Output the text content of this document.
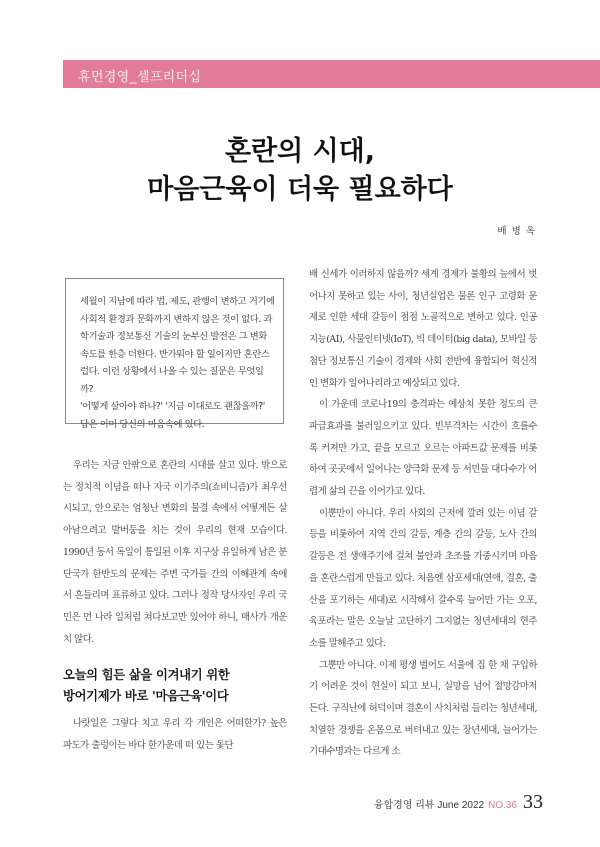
휴먼경영_셀프리더십
혼란의 시대,
마음근육이 더욱 필요하다
배 병 옥

세월이 지남에 따라 법, 제도, 관행이 변하고 거기에

사회적 환경과 문화까지 변하지 않은 것이 없다. 과

학기술과 정보통신 기술의 눈부신 발전은 그 변화

속도를 한층 더한다. 반가워야 할 일이지만 혼란스

럽다. 이런 상황에서 나올 수 있는 질문은 무엇일까?

'어떻게 살아야 하나?' '지금 이대로도 괜찮을까?'

답은 이미 당신의 마음속에 있다.

우리는 지금 안팎으로 혼란의 시대를 살고 있다. 밖으로는 정치적 이념을 떠나 자국 이기주의(쇼비니즘)가 최우선시되고, 안으로는 엄청난 변화의 물결 속에서 어떻게든 살아남으려고 발버둥을 치는 것이 우리의 현재 모습이다. 1990년 동서 독일이 통일된 이후 지구상 유일하게 남은 분단국가 한반도의 문제는 주변 국가들 간의 이해관계 속에서 흔들리며 표류하고 있다. 그러나 정작 당사자인 우리 국민은 먼 나라 일처럼 쳐다보고만 있어야 하니, 매사가 개운치 않다.

오늘의 힘든 삶을 이겨내기 위한
방어기제가 바로 '마음근육'이다

나랏일은 그렇다 치고 우리 각 개인은 어떠한가? 높은 파도가 출렁이는 바다 한가운데 떠 있는 돛단

배 신세가 이러하지 않을까? 세계 경제가 불황의 늪에서 벗어나지 못하고 있는 사이, 청년실업은 물론 인구 고령화 문제로 인한 세대 갈등이 점점 노골적으로 변하고 있다. 인공지능(AI), 사물인터넷(IoT), 빅 데이터(big data), 모바일 등 첨단 정보통신 기술이 경제와 사회 전반에 융합되어 혁신적인 변화가 일어나리라고 예상되고 있다.

이 가운데 코로나19의 충격파는 예상치 못한 정도의 큰 파급효과를 불러일으키고 있다. 빈부격차는 시간이 흐를수록 커져만 가고, 끝을 모르고 오르는 아파트값 문제를 비롯하여 곳곳에서 일어나는 양극화 문제 등 서민들 대다수가 어렵게 삶의 끈을 이어가고 있다.

이뿐만이 아니다. 우리 사회의 근저에 깔려 있는 이념 갈등을 비롯하여 지역 간의 갈등, 계층 간의 갈등, 노사 간의 갈등은 전 생애주기에 걸쳐 불안과 초조를 가중시키며 마음을 혼란스럽게 만들고 있다. 처음엔 삼포세대(연애, 결혼, 출산을 포기하는 세대)로 시작해서 갈수록 늘어만 가는 오포, 육포라는 말은 오늘날 고단하기 그지없는 청년세대의 현주소를 말해주고 있다.

그뿐만 아니다. 이제 평생 벌어도 서울에 집 한 채 구입하기 어려운 것이 현실이 되고 보니, 실망을 넘어 절망감마저 든다. 구직난에 허덕이며 결혼이 사치처럼 들리는 청년세대, 치열한 경쟁을 온몸으로 버텨내고 있는 장년세대, 늘어가는 기대수명과는 다르게 소

융합경영 리뷰
June 2022 NO.36 33
